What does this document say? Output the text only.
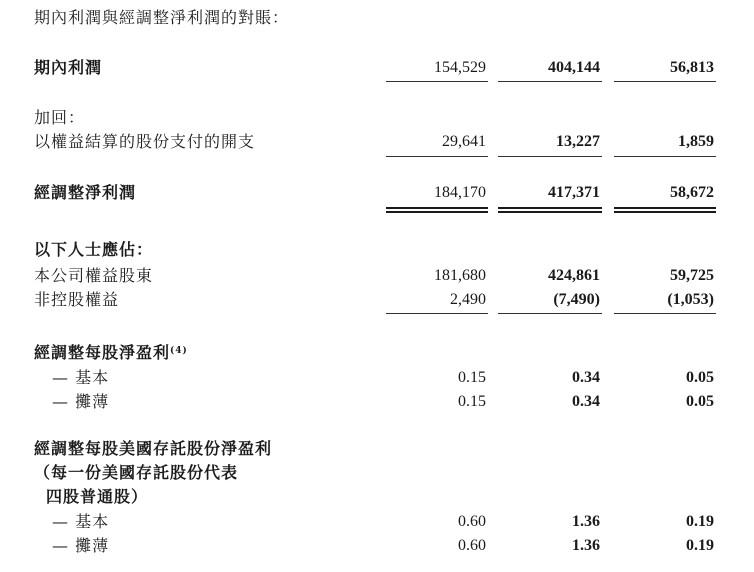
期內利潤與經調整淨利潤的對賬：
期內利潤	154,529	404,144	56,813
加回：
以權益結算的股份支付的開支	29,641	13,227	1,859
經調整淨利潤	184,170	417,371	58,672
以下人士應佔：
本公司權益股東	181,680	424,861	59,725
非控股權益	2,490	(7,490)	(1,053)
經調整每股淨盈利$^{(4)}$
— 基本	0.15	0.34	0.05
— 攤薄	0.15	0.34	0.05
經調整每股美國存託股份淨盈利
（每一份美國存託股份代表
四股普通股）
— 基本	0.60	1.36	0.19
— 攤薄	0.60	1.36	0.19
